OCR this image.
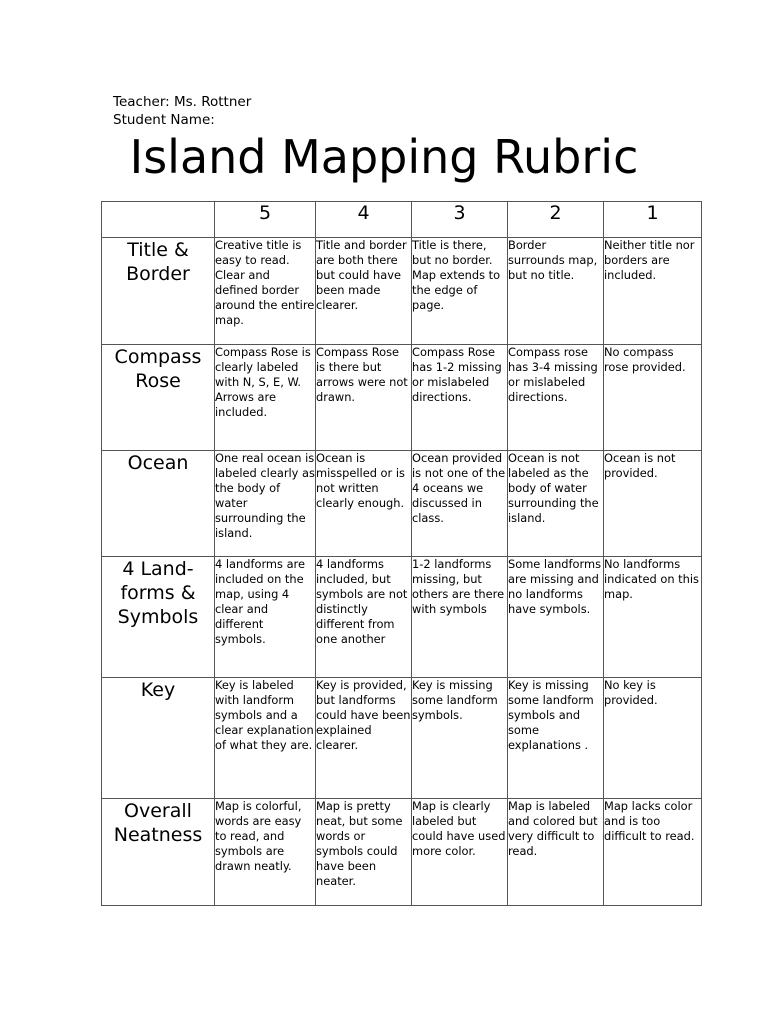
Teacher: Ms. Rottner
Student Name:
Island Mapping Rubric
	5	4	3	2	1
Title & Border	Creative title is easy to read. Clear and defined border around the entire map.	Title and border are both there but could have been made clearer.	Title is there, but no border. Map extends to the edge of page.	Border surrounds map, but no title.	Neither title nor borders are included.

Compass Rose	Compass Rose is clearly labeled with N, S, E, W. Arrows are included.	Compass Rose is there but arrows were not drawn.	Compass Rose has 1-2 missing or mislabeled directions.	Compass rose has 3-4 missing or mislabeled directions.	No compass rose provided.

Ocean	One real ocean is labeled clearly as the body of water surrounding the island.	Ocean is misspelled or is not written clearly enough.	Ocean provided is not one of the 4 oceans we discussed in class.	Ocean is not labeled as the body of water surrounding the island.	Ocean is not provided.

4 Land-forms & Symbols	4 landforms are included on the map, using 4 clear and different symbols.	4 landforms included, but symbols are not distinctly different from one another	1-2 landforms missing, but others are there with symbols	Some landforms are missing and no landforms have symbols.	No landforms indicated on this map.

Key	Key is labeled with landform symbols and a clear explanation of what they are.	Key is provided, but landforms could have been explained clearer.	Key is missing some landform symbols.	Key is missing some landform symbols and some explanations .	No key is provided.

Overall Neatness	Map is colorful, words are easy to read, and symbols are drawn neatly.	Map is pretty neat, but some words or symbols could have been neater.	Map is clearly labeled but could have used more color.	Map is labeled and colored but very difficult to read.	Map lacks color and is too difficult to read.
